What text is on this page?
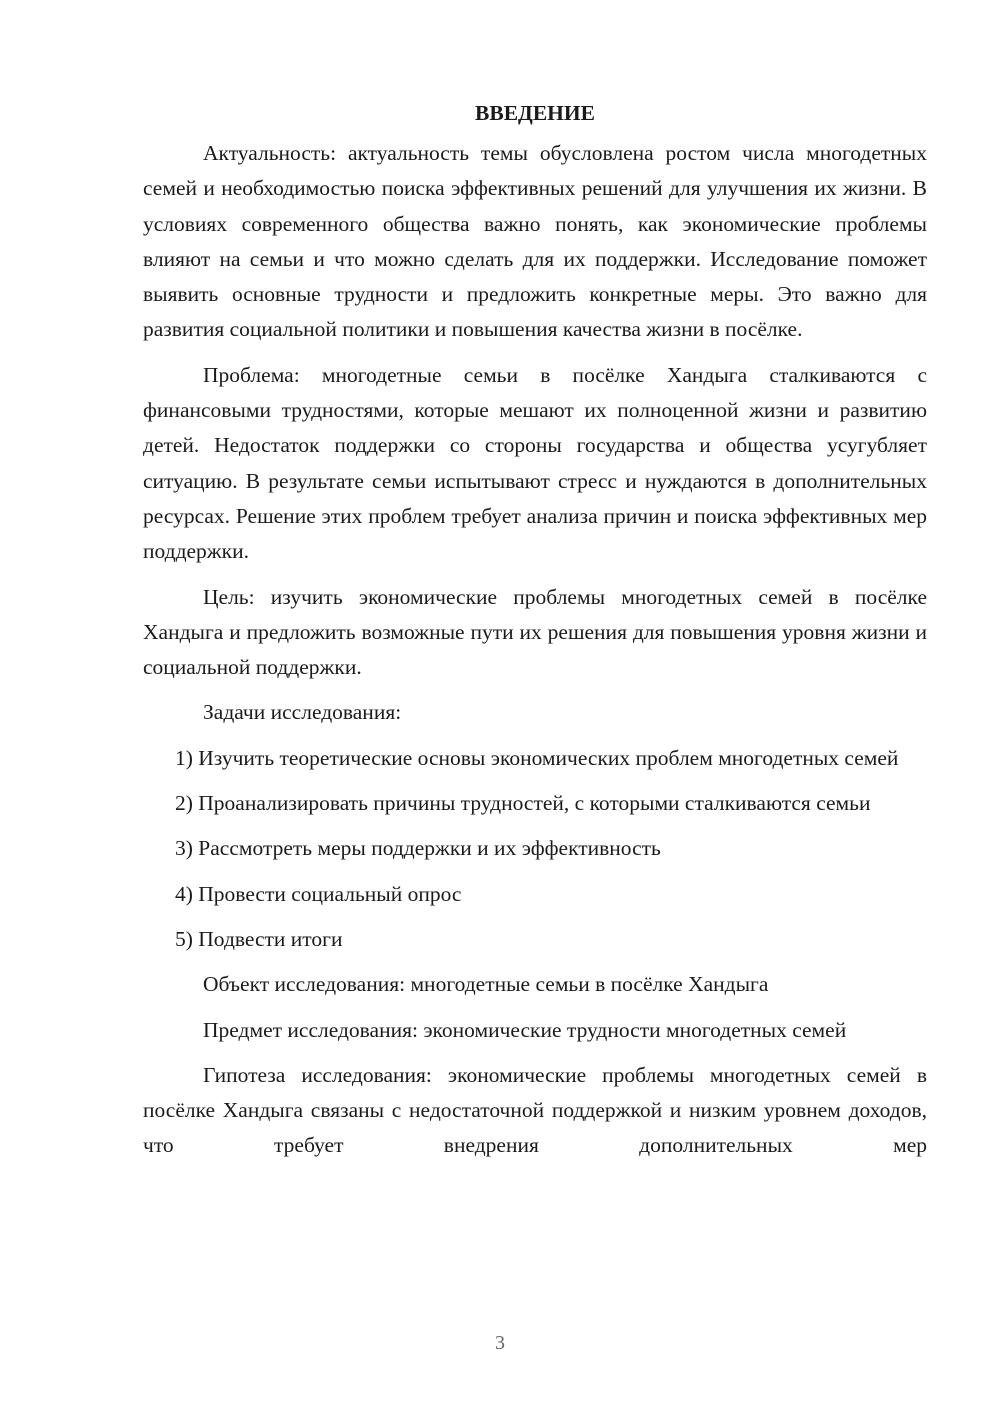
ВВЕДЕНИЕ

Актуальность: актуальность темы обусловлена ростом числа многодетных семей и необходимостью поиска эффективных решений для улучшения их жизни. В условиях современного общества важно понять, как экономические проблемы влияют на семьи и что можно сделать для их поддержки. Исследование поможет выявить основные трудности и предложить конкретные меры. Это важно для развития социальной политики и повышения качества жизни в посёлке.

Проблема: многодетные семьи в посёлке Хандыга сталкиваются с финансовыми трудностями, которые мешают их полноценной жизни и развитию детей. Недостаток поддержки со стороны государства и общества усугубляет ситуацию. В результате семьи испытывают стресс и нуждаются в дополнительных ресурсах. Решение этих проблем требует анализа причин и поиска эффективных мер поддержки.

Цель: изучить экономические проблемы многодетных семей в посёлке Хандыга и предложить возможные пути их решения для повышения уровня жизни и социальной поддержки.

Задачи исследования:

1) Изучить теоретические основы экономических проблем многодетных семей

2) Проанализировать причины трудностей, с которыми сталкиваются семьи

3) Рассмотреть меры поддержки и их эффективность

4) Провести социальный опрос

5) Подвести итоги

Объект исследования: многодетные семьи в посёлке Хандыга

Предмет исследования: экономические трудности многодетных семей

Гипотеза исследования: экономические проблемы многодетных семей в посёлке Хандыга связаны с недостаточной поддержкой и низким уровнем доходов, что требует внедрения дополнительных мер

3
